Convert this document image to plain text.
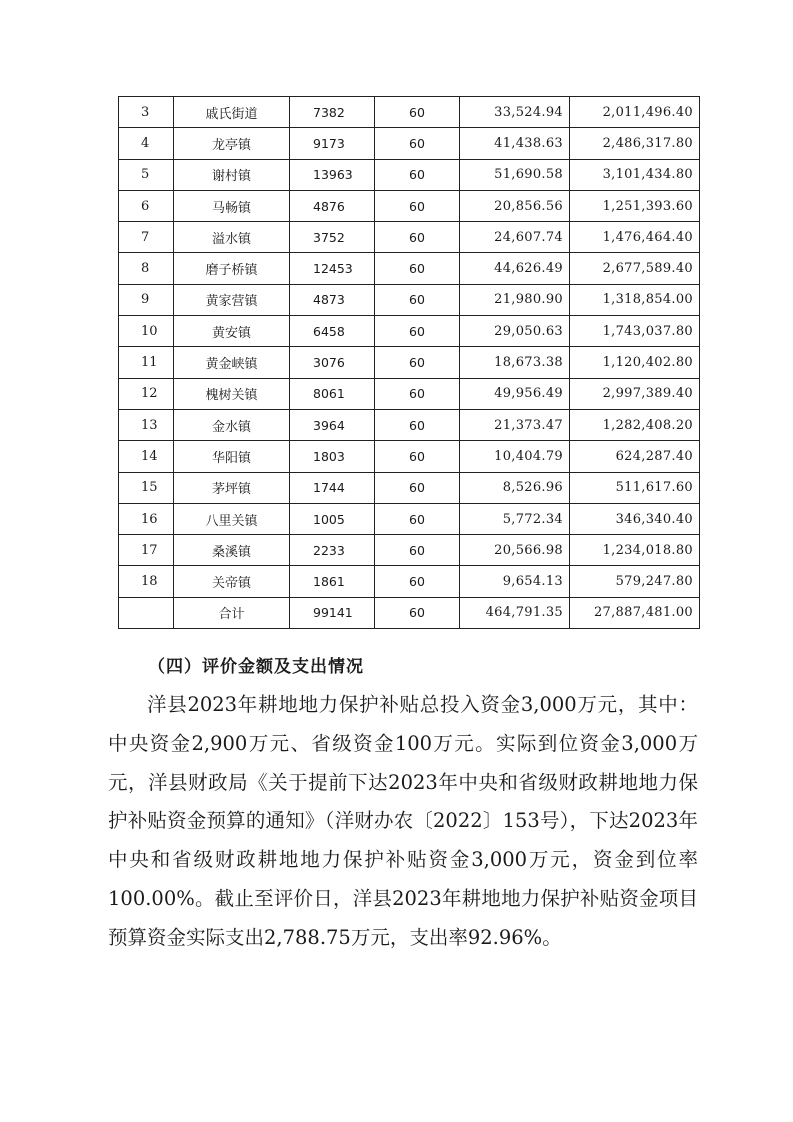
3	戚氏街道	7382	60	33,524.94	2,011,496.40
4	龙亭镇	9173	60	41,438.63	2,486,317.80
5	谢村镇	13963	60	51,690.58	3,101,434.80
6	马畅镇	4876	60	20,856.56	1,251,393.60
7	溢水镇	3752	60	24,607.74	1,476,464.40
8	磨子桥镇	12453	60	44,626.49	2,677,589.40
9	黄家营镇	4873	60	21,980.90	1,318,854.00
10	黄安镇	6458	60	29,050.63	1,743,037.80
11	黄金峡镇	3076	60	18,673.38	1,120,402.80
12	槐树关镇	8061	60	49,956.49	2,997,389.40
13	金水镇	3964	60	21,373.47	1,282,408.20
14	华阳镇	1803	60	10,404.79	624,287.40
15	茅坪镇	1744	60	8,526.96	511,617.60
16	八里关镇	1005	60	5,772.34	346,340.40
17	桑溪镇	2233	60	20,566.98	1,234,018.80
18	关帝镇	1861	60	9,654.13	579,247.80
	合计	99141	60	464,791.35	27,887,481.00
（四）评价金额及支出情况

洋县2023年耕地地力保护补贴总投入资金3,000万元，其中：中央资金2,900万元、省级资金100万元。实际到位资金3,000万元，洋县财政局《关于提前下达2023年中央和省级财政耕地地力保护补贴资金预算的通知》（洋财办农〔2022〕153号），下达2023年中央和省级财政耕地地力保护补贴资金3,000万元，资金到位率100.00%。截止至评价日，洋县2023年耕地地力保护补贴资金项目预算资金实际支出2,788.75万元，支出率92.96%。
